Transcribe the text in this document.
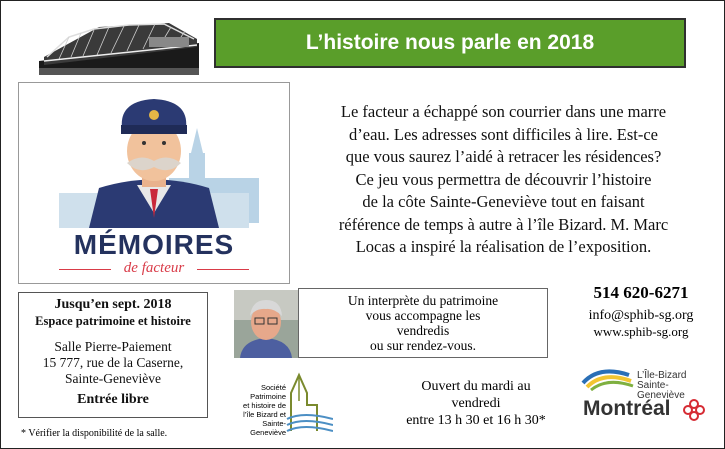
L’histoire nous parle en 2018
MÉMOIRES
de facteur
Le facteur a échappé son courrier dans une marre
d’eau. Les adresses sont difficiles à lire. Est-ce
que vous saurez l’aidé à retracer les résidences?
Ce jeu vous permettra de découvrir l’histoire
de la côte Sainte-Geneviève tout en faisant
référence de temps à autre à l’île Bizard. M. Marc
Locas a inspiré la réalisation de l’exposition.
Jusqu’en sept. 2018
Espace patrimoine et histoire
Salle Pierre-Paiement
15 777, rue de la Caserne,
Sainte-Geneviève
Entrée libre
Un interprète du patrimoine
vous accompagne les
vendredis
ou sur rendez-vous.
Société
Patrimoine
et histoire de
l’île Bizard et
Sainte-Geneviève
Ouvert du mardi au
vendredi
entre 13 h 30 et 16 h 30*
514 620-6271
info@sphib-sg.org
www.sphib-sg.org
L’Île-Bizard
Sainte-Geneviève
Montréal
* Vérifier la disponibilité de la salle.
